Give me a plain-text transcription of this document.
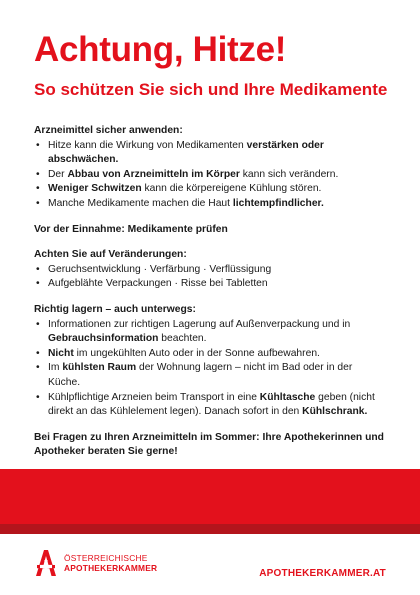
Achtung, Hitze!
So schützen Sie sich und Ihre Medikamente
Arzneimittel sicher anwenden:
• Hitze kann die Wirkung von Medikamenten verstärken oder abschwächen.
• Der Abbau von Arzneimitteln im Körper kann sich verändern.
• Weniger Schwitzen kann die körpereigene Kühlung stören.
• Manche Medikamente machen die Haut lichtempfindlicher.
Vor der Einnahme: Medikamente prüfen
Achten Sie auf Veränderungen:
• Geruchsentwicklung · Verfärbung · Verflüssigung
• Aufgeblähte Verpackungen · Risse bei Tabletten
Richtig lagern – auch unterwegs:
• Informationen zur richtigen Lagerung auf Außenverpackung und in Gebrauchsinformation beachten.
• Nicht im ungekühlten Auto oder in der Sonne aufbewahren.
• Im kühlsten Raum der Wohnung lagern – nicht im Bad oder in der Küche.
• Kühlpflichtige Arzneien beim Transport in eine Kühltasche geben (nicht direkt an das Kühlelement legen). Danach sofort in den Kühlschrank.
Bei Fragen zu Ihren Arzneimitteln im Sommer: Ihre Apothekerinnen und Apotheker beraten Sie gerne!
ÖSTERREICHISCHE
APOTHEKERKAMMER	APOTHEKERKAMMER.AT
